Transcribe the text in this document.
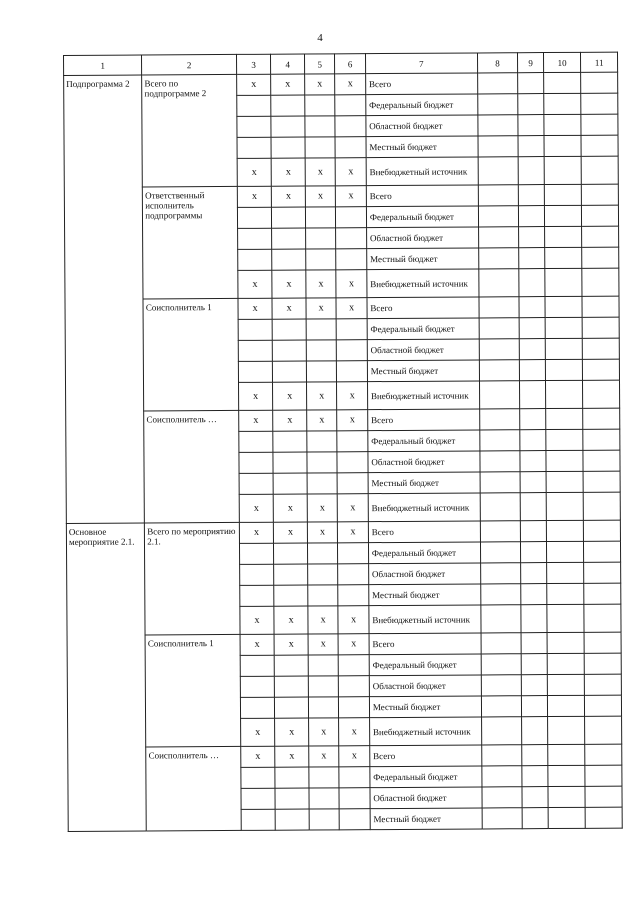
4
1	2	3	4	5	6	7	8	9	10	11
Подпрограмма 2	Всего по подпрограмме 2	x	x	x	x	Всего				
						Федеральный бюджет				
						Областной бюджет				
						Местный бюджет				
		x	x	x	x	Внебюджетный источник				
	Ответственный исполнитель подпрограммы	x	x	x	x	Всего				
						Федеральный бюджет				
						Областной бюджет				
						Местный бюджет				
		x	x	x	x	Внебюджетный источник				
	Соисполнитель 1	x	x	x	x	Всего				
						Федеральный бюджет				
						Областной бюджет				
						Местный бюджет				
		x	x	x	x	Внебюджетный источник				
	Соисполнитель …	x	x	x	x	Всего				
						Федеральный бюджет				
						Областной бюджет				
						Местный бюджет				
		x	x	x	x	Внебюджетный источник				
Основное мероприятие 2.1.	Всего по мероприятию 2.1.	x	x	x	x	Всего				
						Федеральный бюджет				
						Областной бюджет				
						Местный бюджет				
		x	x	x	x	Внебюджетный источник				
	Соисполнитель 1	x	x	x	x	Всего				
						Федеральный бюджет				
						Областной бюджет				
						Местный бюджет				
		x	x	x	x	Внебюджетный источник				
	Соисполнитель …	x	x	x	x	Всего				
						Федеральный бюджет				
						Областной бюджет				
						Местный бюджет				
